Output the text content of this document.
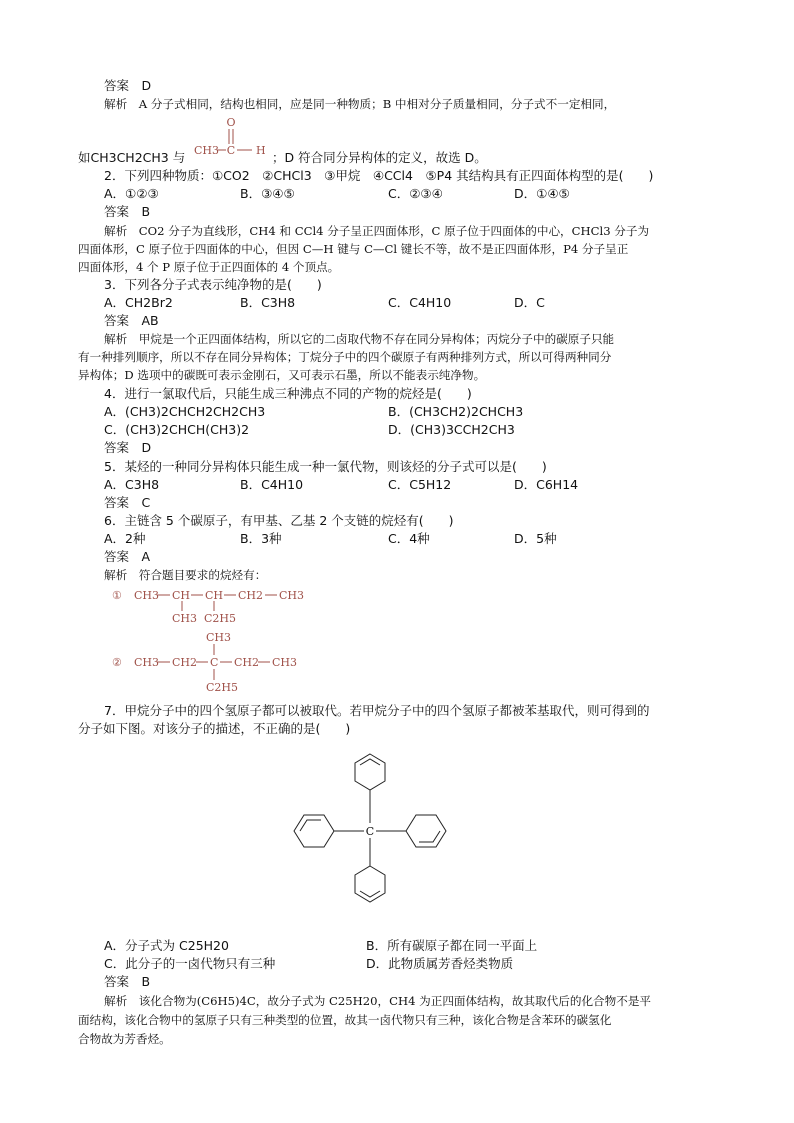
答案　D
解析　A 分子式相同，结构也相同，应是同一种物质；B 中相对分子质量相同，分子式不一定相同，
如CH3CH2CH3 与
O
CH3 C H ；D 符合同分异构体的定义，故选 D。
2．下列四种物质：①CO2　②CHCl3　③甲烷　④CCl4　⑤P4 其结构具有正四面体构型的是(　　)
A．①②③	B．③④⑤	C．②③④	D．①④⑤
答案　B
解析　CO2 分子为直线形，CH4 和 CCl4 分子呈正四面体形，C 原子位于四面体的中心，CHCl3 分子为
四面体形，C 原子位于四面体的中心，但因 C—H 键与 C—Cl 键长不等，故不是正四面体形，P4 分子呈正
四面体形，4 个 P 原子位于正四面体的 4 个顶点。
3．下列各分子式表示纯净物的是(　　)
A．CH2Br2	B．C3H8	C．C4H10	D．C
答案　AB
解析　甲烷是一个正四面体结构，所以它的二卤取代物不存在同分异构体；丙烷分子中的碳原子只能
有一种排列顺序，所以不存在同分异构体；丁烷分子中的四个碳原子有两种排列方式，所以可得两种同分
异构体；D 选项中的碳既可表示金刚石，又可表示石墨，所以不能表示纯净物。
4．进行一氯取代后，只能生成三种沸点不同的产物的烷烃是(　　)
A．(CH3)2CHCH2CH2CH3	B．(CH3CH2)2CHCH3
C．(CH3)2CHCH(CH3)2	D．(CH3)3CCH2CH3
答案　D
5．某烃的一种同分异构体只能生成一种一氯代物，则该烃的分子式可以是(　　)
A．C3H8	B．C4H10	C．C5H12	D．C6H14
答案　C
6．主链含 5 个碳原子，有甲基、乙基 2 个支链的烷烃有(　　)
A．2种	B．3种	C．4种	D．5种
答案　A
解析　符合题目要求的烷烃有：
① CH3 CH CH CH2 CH3
CH3 C2H5
CH3
② CH3 CH2 C CH2 CH3
C2H5
7．甲烷分子中的四个氢原子都可以被取代。若甲烷分子中的四个氢原子都被苯基取代，则可得到的
分子如下图。对该分子的描述，不正确的是(　　)
C
A．分子式为 C25H20	B．所有碳原子都在同一平面上
C．此分子的一卤代物只有三种	D．此物质属芳香烃类物质
答案　B
解析　该化合物为(C6H5)4C，故分子式为 C25H20，CH4 为正四面体结构，故其取代后的化合物不是平
面结构，该化合物中的氢原子只有三种类型的位置，故其一卤代物只有三种，该化合物是含苯环的碳氢化
合物故为芳香烃。
